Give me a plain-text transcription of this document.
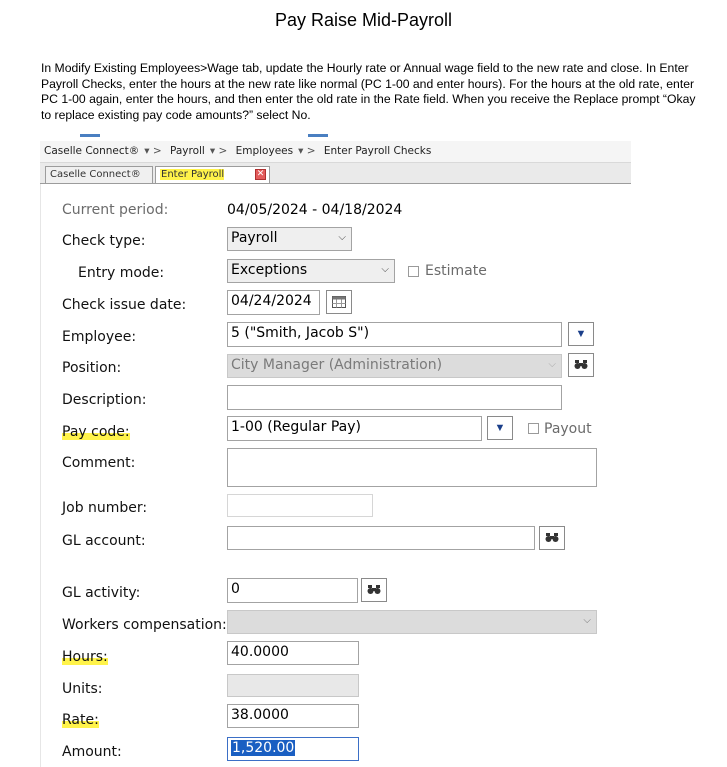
Pay Raise Mid-Payroll
In Modify Existing Employees>Wage tab, update the Hourly rate or Annual wage field to the new rate and close. In Enter Payroll Checks, enter the hours at the new rate like normal (PC 1-00 and enter hours). For the hours at the old rate, enter PC 1-00 again, enter the hours, and then enter the old rate in the Rate field. When you receive the Replace prompt “Okay to replace existing pay code amounts?” select No.
Caselle Connect® ▾ > Payroll ▾ > Employees ▾ > Enter Payroll Checks
Caselle Connect®	Enter Payroll	✕
Current period:	04/05/2024 - 04/18/2024
Check type:	Payroll	⌵
Entry mode:	Exceptions	⌵	Estimate
Check issue date:	04/24/2024
Employee:	5 ("Smith, Jacob S")	▼
Position:	City Manager (Administration)	⌵
Description:
Pay code:	1-00 (Regular Pay)	▼	Payout
Comment:
Job number:
GL account:
GL activity:	0
Workers compensation:	⌵
Hours:	40.0000
Units:
Rate:	38.0000
Amount:	1,520.00
